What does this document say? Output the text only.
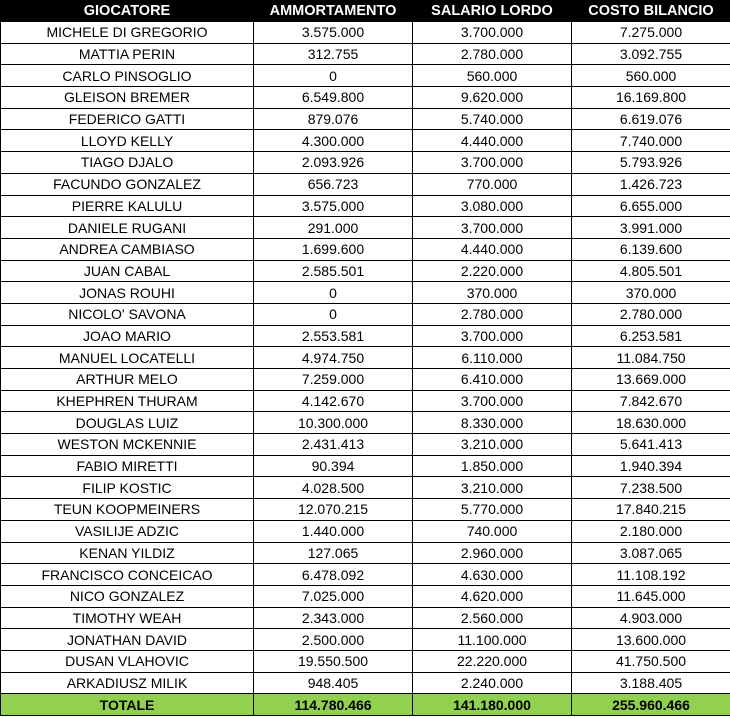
GIOCATORE	AMMORTAMENTO	SALARIO LORDO	COSTO BILANCIO
MICHELE DI GREGORIO	3.575.000	3.700.000	7.275.000
MATTIA PERIN	312.755	2.780.000	3.092.755
CARLO PINSOGLIO	0	560.000	560.000
GLEISON BREMER	6.549.800	9.620.000	16.169.800
FEDERICO GATTI	879.076	5.740.000	6.619.076
LLOYD KELLY	4.300.000	4.440.000	7.740.000
TIAGO DJALO	2.093.926	3.700.000	5.793.926
FACUNDO GONZALEZ	656.723	770.000	1.426.723
PIERRE KALULU	3.575.000	3.080.000	6.655.000
DANIELE RUGANI	291.000	3.700.000	3.991.000
ANDREA CAMBIASO	1.699.600	4.440.000	6.139.600
JUAN CABAL	2.585.501	2.220.000	4.805.501
JONAS ROUHI	0	370.000	370.000
NICOLO' SAVONA	0	2.780.000	2.780.000
JOAO MARIO	2.553.581	3.700.000	6.253.581
MANUEL LOCATELLI	4.974.750	6.110.000	11.084.750
ARTHUR MELO	7.259.000	6.410.000	13.669.000
KHEPHREN THURAM	4.142.670	3.700.000	7.842.670
DOUGLAS LUIZ	10.300.000	8.330.000	18.630.000
WESTON MCKENNIE	2.431.413	3.210.000	5.641.413
FABIO MIRETTI	90.394	1.850.000	1.940.394
FILIP KOSTIC	4.028.500	3.210.000	7.238.500
TEUN KOOPMEINERS	12.070.215	5.770.000	17.840.215
VASILIJE ADZIC	1.440.000	740.000	2.180.000
KENAN YILDIZ	127.065	2.960.000	3.087.065
FRANCISCO CONCEICAO	6.478.092	4.630.000	11.108.192
NICO GONZALEZ	7.025.000	4.620.000	11.645.000
TIMOTHY WEAH	2.343.000	2.560.000	4.903.000
JONATHAN DAVID	2.500.000	11.100.000	13.600.000
DUSAN VLAHOVIC	19.550.500	22.220.000	41.750.500
ARKADIUSZ MILIK	948.405	2.240.000	3.188.405
TOTALE	114.780.466	141.180.000	255.960.466
